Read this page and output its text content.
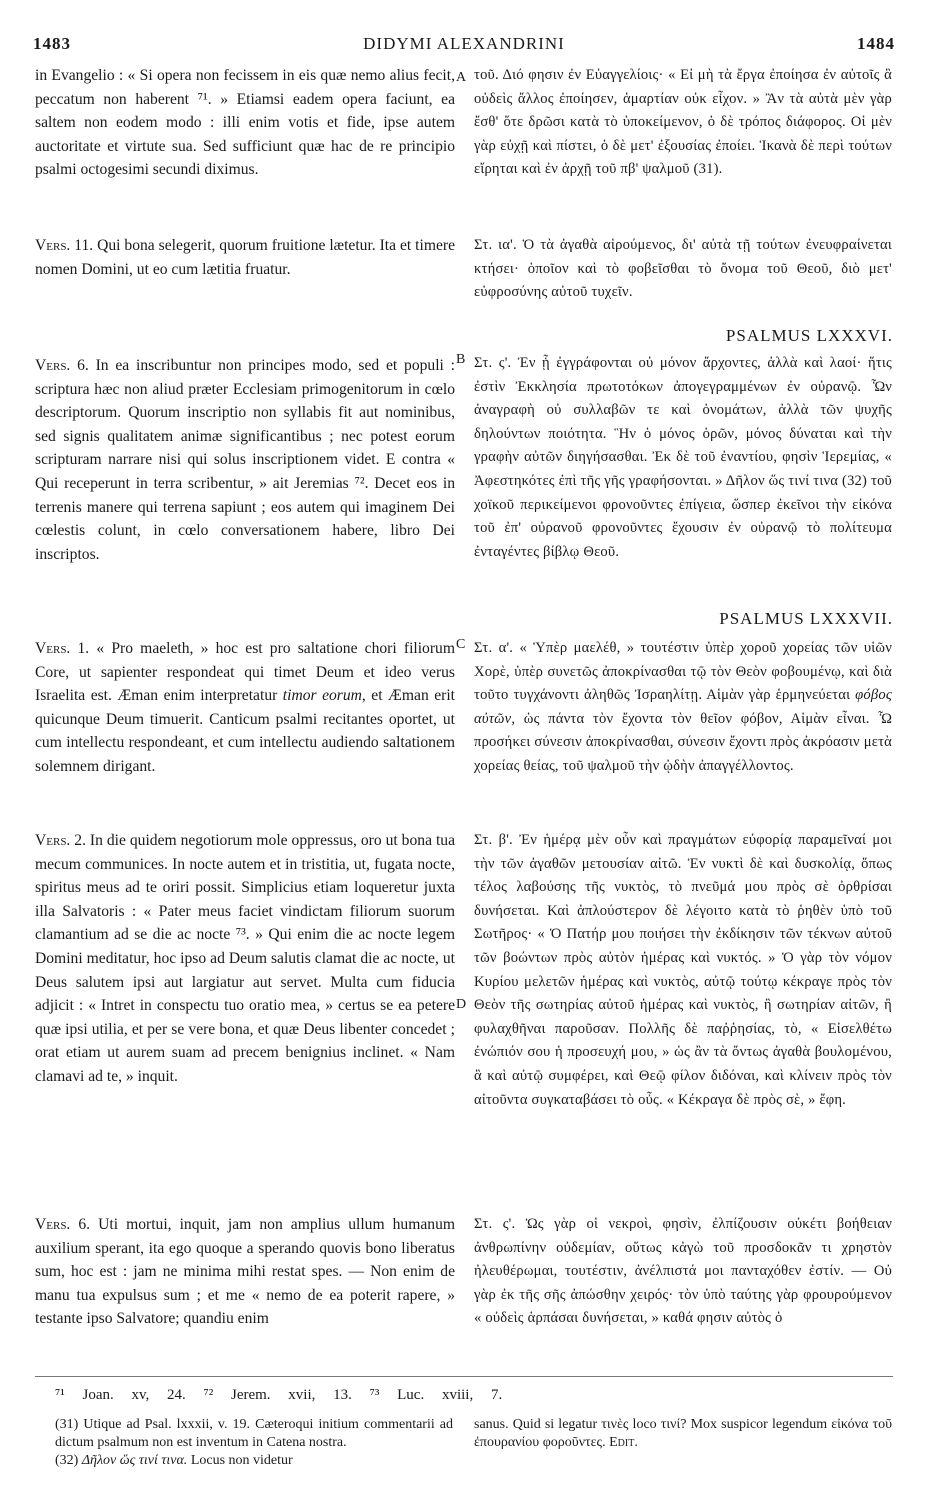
1483	DIDYMI ALEXANDRINI	1484
A
B
C
D

in Evangelio : « Si opera non fecissem in eis quæ nemo alius fecit, peccatum non haberent ⁷¹. » Etiamsi eadem opera faciunt, ea saltem non eodem modo : illi enim votis et fide, ipse autem auctoritate et virtute sua. Sed sufficiunt quæ hac de re principio psalmi octogesimi secundi diximus.

Vers. 11. Qui bona selegerit, quorum fruitione lætetur. Ita et timere nomen Domini, ut eo cum lætitia fruatur.

Vers. 6. In ea inscribuntur non principes modo, sed et populi : scriptura hæc non aliud præter Ecclesiam primogenitorum in cœlo descriptorum. Quorum inscriptio non syllabis fit aut nominibus, sed signis qualitatem animæ significantibus ; nec potest eorum scripturam narrare nisi qui solus inscriptionem videt. E contra « Qui receperunt in terra scribentur, » ait Jeremias ⁷². Decet eos in terrenis manere qui terrena sapiunt ; eos autem qui imaginem Dei cœlestis colunt, in cœlo conversationem habere, libro Dei inscriptos.

Vers. 1. « Pro maeleth, » hoc est pro saltatione chori filiorum Core, ut sapienter respondeat qui timet Deum et ideo verus Israelita est. Æman enim interpretatur timor eorum, et Æman erit quicunque Deum timuerit. Canticum psalmi recitantes oportet, ut cum intellectu respondeant, et cum intellectu audiendo saltationem solemnem dirigant.

Vers. 2. In die quidem negotiorum mole oppressus, oro ut bona tua mecum communices. In nocte autem et in tristitia, ut, fugata nocte, spiritus meus ad te oriri possit. Simplicius etiam loqueretur juxta illa Salvatoris : « Pater meus faciet vindictam filiorum suorum clamantium ad se die ac nocte ⁷³. » Qui enim die ac nocte legem Domini meditatur, hoc ipso ad Deum salutis clamat die ac nocte, ut Deus salutem ipsi aut largiatur aut servet. Multa cum fiducia adjicit : « Intret in conspectu tuo oratio mea, » certus se ea petere quæ ipsi utilia, et per se vere bona, et quæ Deus libenter concedet ; orat etiam ut aurem suam ad precem benignius inclinet. « Nam clamavi ad te, » inquit.

Vers. 6. Uti mortui, inquit, jam non amplius ullum humanum auxilium sperant, ita ego quoque a sperando quovis bono liberatus sum, hoc est : jam ne minima mihi restat spes. — Non enim de manu tua expulsus sum ; et me « nemo de ea poterit rapere, » testante ipso Salvatore; quandiu enim

PSALMUS LXXXVI.
PSALMUS LXXXVII.

τοῦ. Διό φησιν ἐν Εὐαγγελίοις· « Εἰ μὴ τὰ ἔργα ἐποίησα ἐν αὐτοῖς ἃ οὐδεὶς ἄλλος ἐποίησεν, ἁμαρτίαν οὐκ εἶχον. » Ἂν τὰ αὐτὰ μὲν γὰρ ἔσθ' ὅτε δρῶσι κατὰ τὸ ὑποκείμενον, ὁ δὲ τρόπος διάφορος. Οἱ μὲν γὰρ εὐχῇ καὶ πίστει, ὁ δὲ μετ' ἐξουσίας ἐποίει. Ἱκανὰ δὲ περὶ τούτων εἴρηται καὶ ἐν ἀρχῇ τοῦ πβ' ψαλμοῦ (31).

Στ. ια'. Ὁ τὰ ἀγαθὰ αἱρούμενος, δι' αὐτὰ τῇ τούτων ἐνευφραίνεται κτήσει· ὁποῖον καὶ τὸ φοβεῖσθαι τὸ ὄνομα τοῦ Θεοῦ, διὸ μετ' εὐφροσύνης αὐτοῦ τυχεῖν.

Στ. ς'. Ἐν ᾗ ἐγγράφονται οὐ μόνον ἄρχοντες, ἀλλὰ καὶ λαοί· ἥτις ἐστὶν Ἐκκλησία πρωτοτόκων ἀπογεγραμμένων ἐν οὐρανῷ. Ὧν ἀναγραφὴ οὐ συλλαβῶν τε καὶ ὀνομάτων, ἀλλὰ τῶν ψυχῆς δηλούντων ποιότητα. Ἣν ὁ μόνος ὁρῶν, μόνος δύναται καὶ τὴν γραφὴν αὐτῶν διηγήσασθαι. Ἐκ δὲ τοῦ ἐναντίου, φησὶν Ἱερεμίας, « Ἀφεστηκότες ἐπὶ τῆς γῆς γραφήσονται. » Δῆλον ὥς τινί τινα (32) τοῦ χοϊκοῦ περικείμενοι φρονοῦντες ἐπίγεια, ὥσπερ ἐκεῖνοι τὴν εἰκόνα τοῦ ἐπ' οὐρανοῦ φρονοῦντες ἔχουσιν ἐν οὐρανῷ τὸ πολίτευμα ἐνταγέντες βίβλῳ Θεοῦ.

Στ. α'. « Ὑπὲρ μαελέθ, » τουτέστιν ὑπὲρ χοροῦ χορείας τῶν υἱῶν Χορὲ, ὑπὲρ συνετῶς ἀποκρίνασθαι τῷ τὸν Θεὸν φοβουμένῳ, καὶ διὰ τοῦτο τυγχάνοντι ἀληθῶς Ἰσραηλίτῃ. Αἱμὰν γὰρ ἑρμηνεύεται φόβος αὐτῶν, ὡς πάντα τὸν ἔχοντα τὸν θεῖον φόβον, Αἱμὰν εἶναι. Ὧ προσήκει σύνεσιν ἀποκρίνασθαι, σύνεσιν ἔχοντι πρὸς ἀκρόασιν μετὰ χορείας θείας, τοῦ ψαλμοῦ τὴν ᾠδὴν ἀπαγγέλλοντος.

Στ. β'. Ἐν ἡμέρᾳ μὲν οὖν καὶ πραγμάτων εὐφορίᾳ παραμεῖναί μοι τὴν τῶν ἀγαθῶν μετουσίαν αἰτῶ. Ἐν νυκτὶ δὲ καὶ δυσκολίᾳ, ὅπως τέλος λαβούσης τῆς νυκτὸς, τὸ πνεῦμά μου πρὸς σὲ ὀρθρίσαι δυνήσεται. Καὶ ἁπλούστερον δὲ λέγοιτο κατὰ τὸ ῥηθὲν ὑπὸ τοῦ Σωτῆρος· « Ὁ Πατήρ μου ποιήσει τὴν ἐκδίκησιν τῶν τέκνων αὐτοῦ τῶν βοώντων πρὸς αὐτὸν ἡμέρας καὶ νυκτός. » Ὁ γὰρ τὸν νόμον Κυρίου μελετῶν ἡμέρας καὶ νυκτὸς, αὐτῷ τούτῳ κέκραγε πρὸς τὸν Θεὸν τῆς σωτηρίας αὐτοῦ ἡμέρας καὶ νυκτὸς, ἢ σωτηρίαν αἰτῶν, ἢ φυλαχθῆναι παροῦσαν. Πολλῆς δὲ παῤῥησίας, τὸ, « Εἰσελθέτω ἐνώπιόν σου ἡ προσευχή μου, » ὡς ἂν τὰ ὄντως ἀγαθὰ βουλομένου, ἃ καὶ αὐτῷ συμφέρει, καὶ Θεῷ φίλον διδόναι, καὶ κλίνειν πρὸς τὸν αἰτοῦντα συγκαταβάσει τὸ οὖς. « Κέκραγα δὲ πρὸς σὲ, » ἔφη.

Στ. ς'. Ὡς γὰρ οἱ νεκροὶ, φησὶν, ἐλπίζουσιν οὐκέτι βοήθειαν ἀνθρωπίνην οὐδεμίαν, οὕτως κἀγὼ τοῦ προσδοκᾶν τι χρηστὸν ἠλευθέρωμαι, τουτέστιν, ἀνέλπιστά μοι πανταχόθεν ἐστίν. — Οὐ γὰρ ἐκ τῆς σῆς ἀπώσθην χειρός· τὸν ὑπὸ ταύτης γὰρ φρουρούμενον « οὐδεὶς ἁρπάσαι δυνήσεται, » καθά φησιν αὐτὸς ὁ

⁷¹ Joan. xv, 24. ⁷² Jerem. xvii, 13. ⁷³ Luc. xviii, 7.
(31) Utique ad Psal. lxxxii, v. 19. Cæteroqui initium commentarii ad dictum psalmum non est inventum in Catena nostra.
(32) Δῆλον ὥς τινί τινα. Locus non videtur
sanus. Quid si legatur τινὲς loco τινί? Mox suspicor legendum εἰκόνα τοῦ ἐπουρανίου φοροῦντες. Edit.
